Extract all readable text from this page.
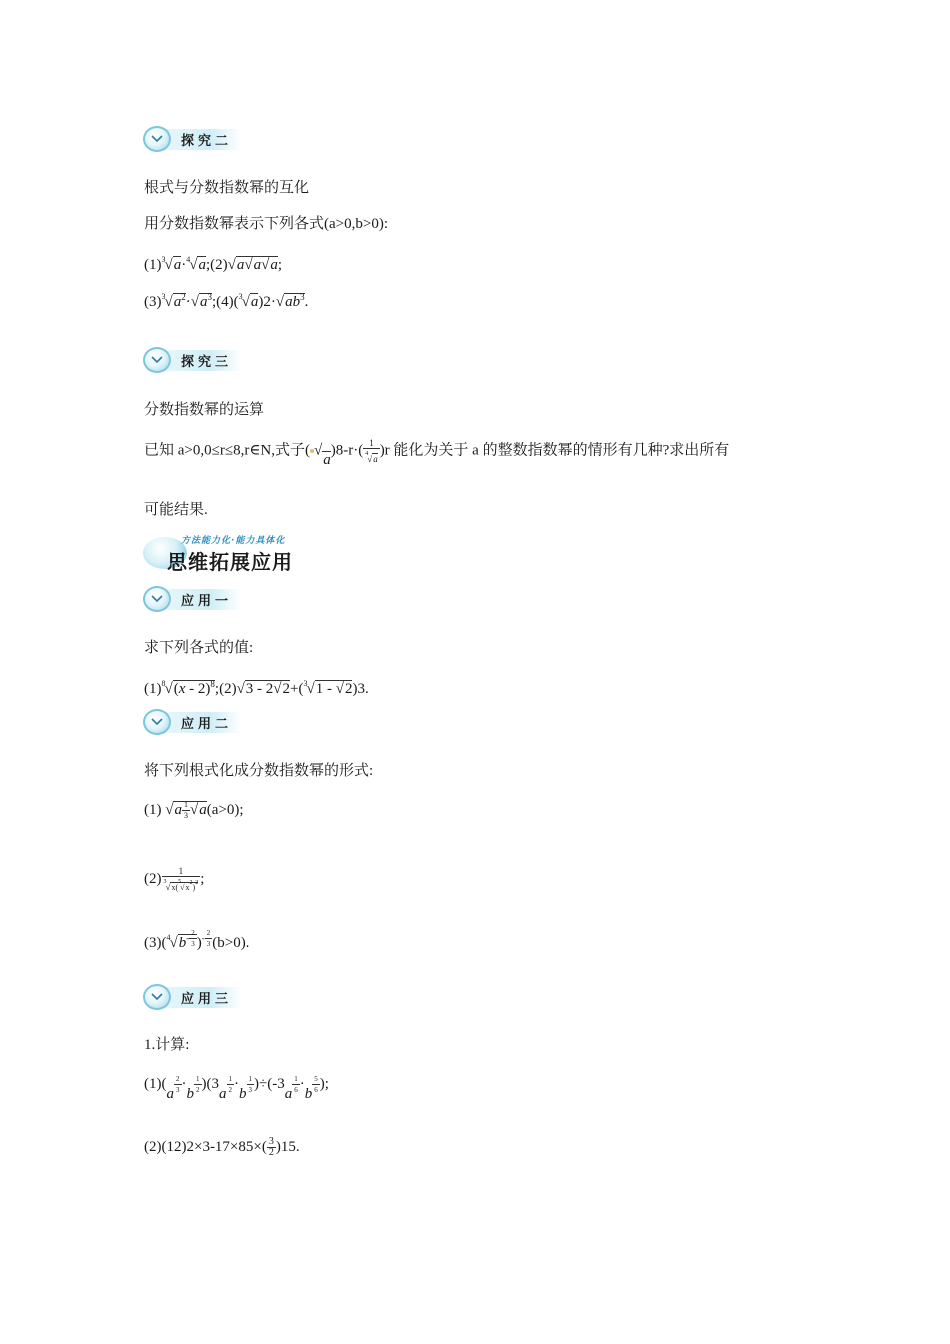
探究二
根式与分数指数幂的互化
用分数指数幂表示下列各式(a>0,b>0):
$(1)^3√a\cdot^4√a;(2)√a√a√a$;
$(3)^3√a^2\cdot√a^3;(4)(^3√a)2\cdot√ab^3$.
探究三
分数指数幂的运算
已知 a>0,0≤r≤8,r∈N,式子( $√a)8-r\cdot( \frac{1}{^4√a} )r$ 能化为关于 a 的整数指数幂的情形有几种?求出所有
可能结果.
方法能力化·能力具体化
思维拓展应用
应用一
求下列各式的值:
$(1)^8√(x$ - 2)$^8$;(2)√3 - 2√2+($^3$√1 - √2)3.
应用二
将下列根式化成分数指数幂的形式:
(1) $√a \frac{1}{3} √a(a>0)$;
$(2) \frac{1}{^3√x(^5√x^2)^2}$ ;
$(3)(^4√b^{- \frac{2}{3}}$ )$^{- \frac{2}{3}}$ (b>0).
应用三
1.计算:
$(1)(a \frac{2}{3} \cdot b \frac{1}{2} )(3a \frac{1}{2} \cdot b \frac{1}{3} )\div(-3a \frac{1}{6} \cdot b \frac{5}{6}$ );
$(2)(12)2\times 3-17\times 85\times( \frac{3}{2} )15$.
